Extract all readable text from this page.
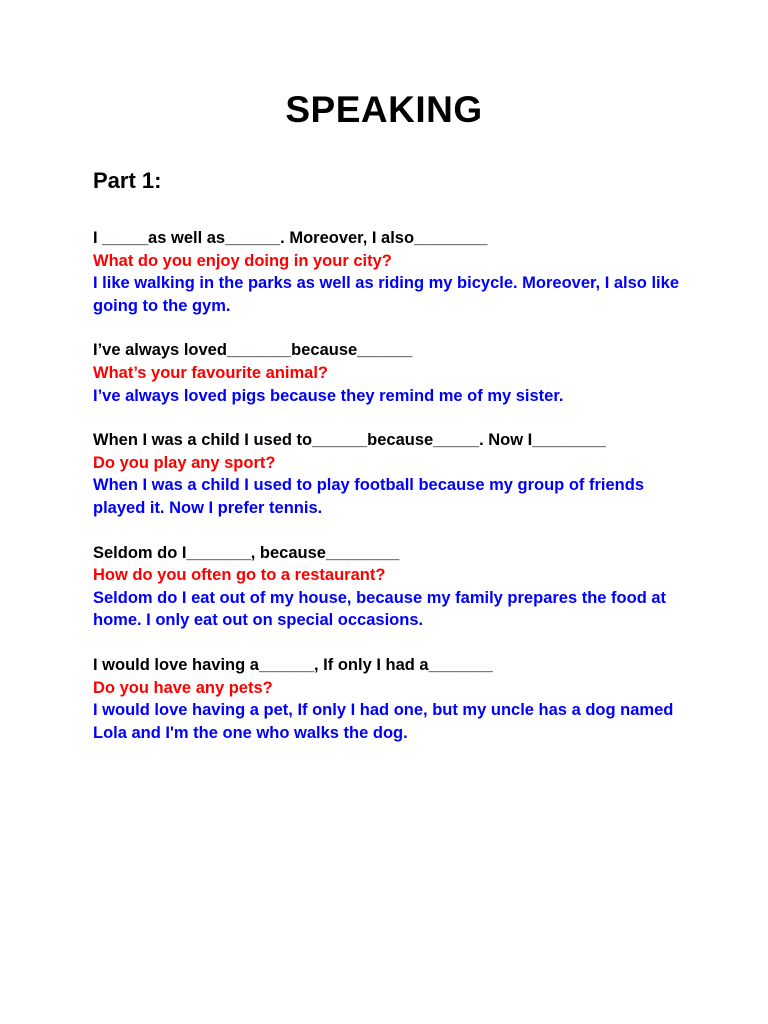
SPEAKING
Part 1:

I _____as well as______. Moreover, I also________

What do you enjoy doing in your city?

I like walking in the parks as well as riding my bicycle. Moreover, I also like going to the gym.

I’ve always loved_______because______

What’s your favourite animal?

I’ve always loved pigs because they remind me of my sister.

When I was a child I used to______because_____. Now I________

Do you play any sport?

When I was a child I used to play football because my group of friends played it. Now I prefer tennis.

Seldom do I_______, because________

How do you often go to a restaurant?

Seldom do I eat out of my house, because my family prepares the food at home. I only eat out on special occasions.

I would love having a______, If only I had a_______

Do you have any pets?

I would love having a pet, If only I had one, but my uncle has a dog named Lola and I'm the one who walks the dog.
